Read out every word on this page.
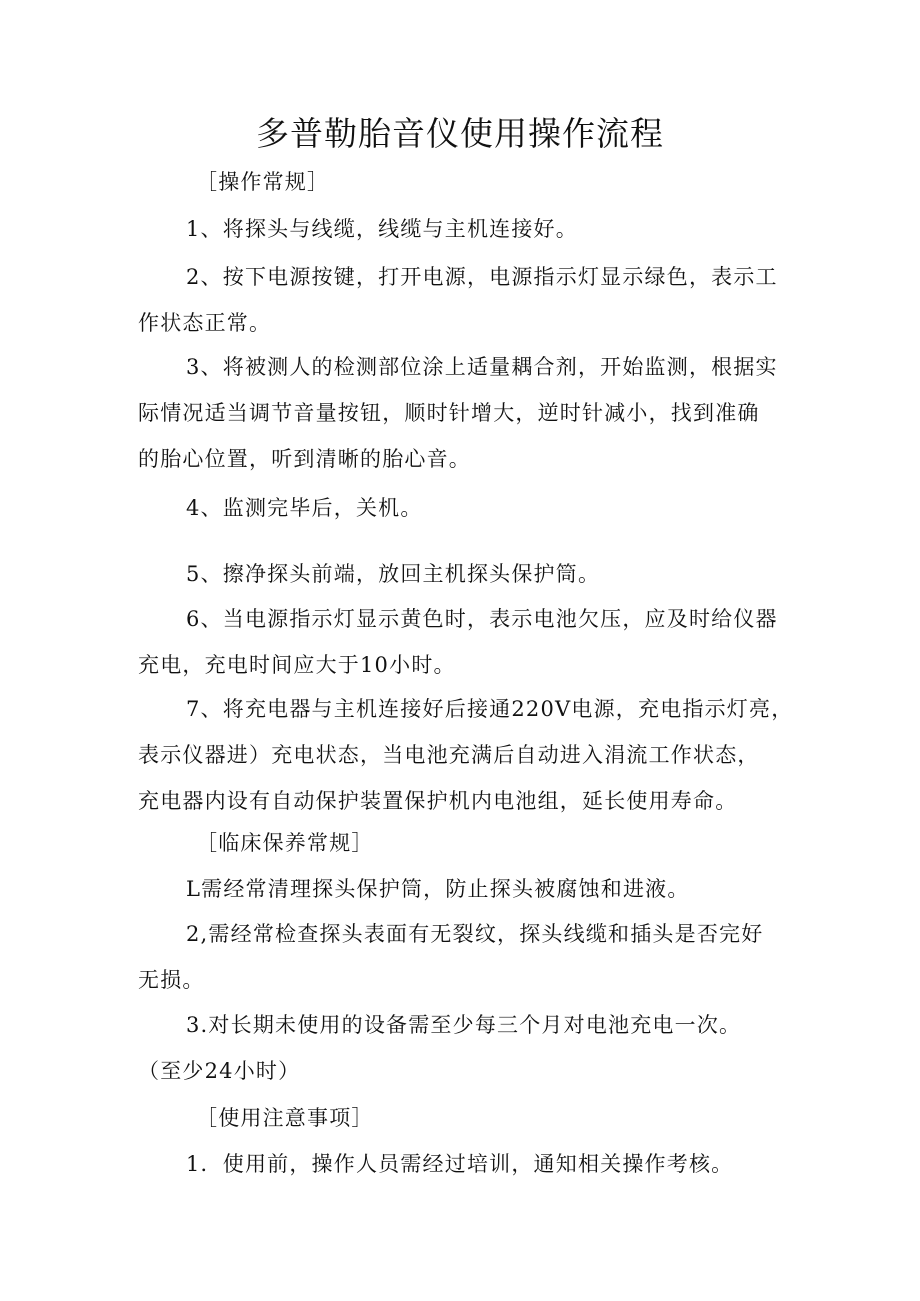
多普勒胎音仪使用操作流程

［操作常规］

1、将探头与线缆，线缆与主机连接好。

2、按下电源按键，打开电源，电源指示灯显示绿色，表示工
作状态正常。

3、将被测人的检测部位涂上适量耦合剂，开始监测，根据实
际情况适当调节音量按钮，顺时针增大，逆时针减小，找到准确
的胎心位置，听到清晰的胎心音。

4、监测完毕后，关机。

5、擦净探头前端，放回主机探头保护筒。

6、当电源指示灯显示黄色时，表示电池欠压，应及时给仪器
充电，充电时间应大于10小时。

7、将充电器与主机连接好后接通220V电源，充电指示灯亮，
表示仪器进）充电状态，当电池充满后自动进入涓流工作状态，
充电器内设有自动保护装置保护机内电池组，延长使用寿命。

［临床保养常规］

L需经常清理探头保护筒，防止探头被腐蚀和进液。

2,需经常检查探头表面有无裂纹，探头线缆和插头是否完好
无损。

3.对长期未使用的设备需至少每三个月对电池充电一次。
（至少24小时）

［使用注意事项］

1．使用前，操作人员需经过培训，通知相关操作考核。
